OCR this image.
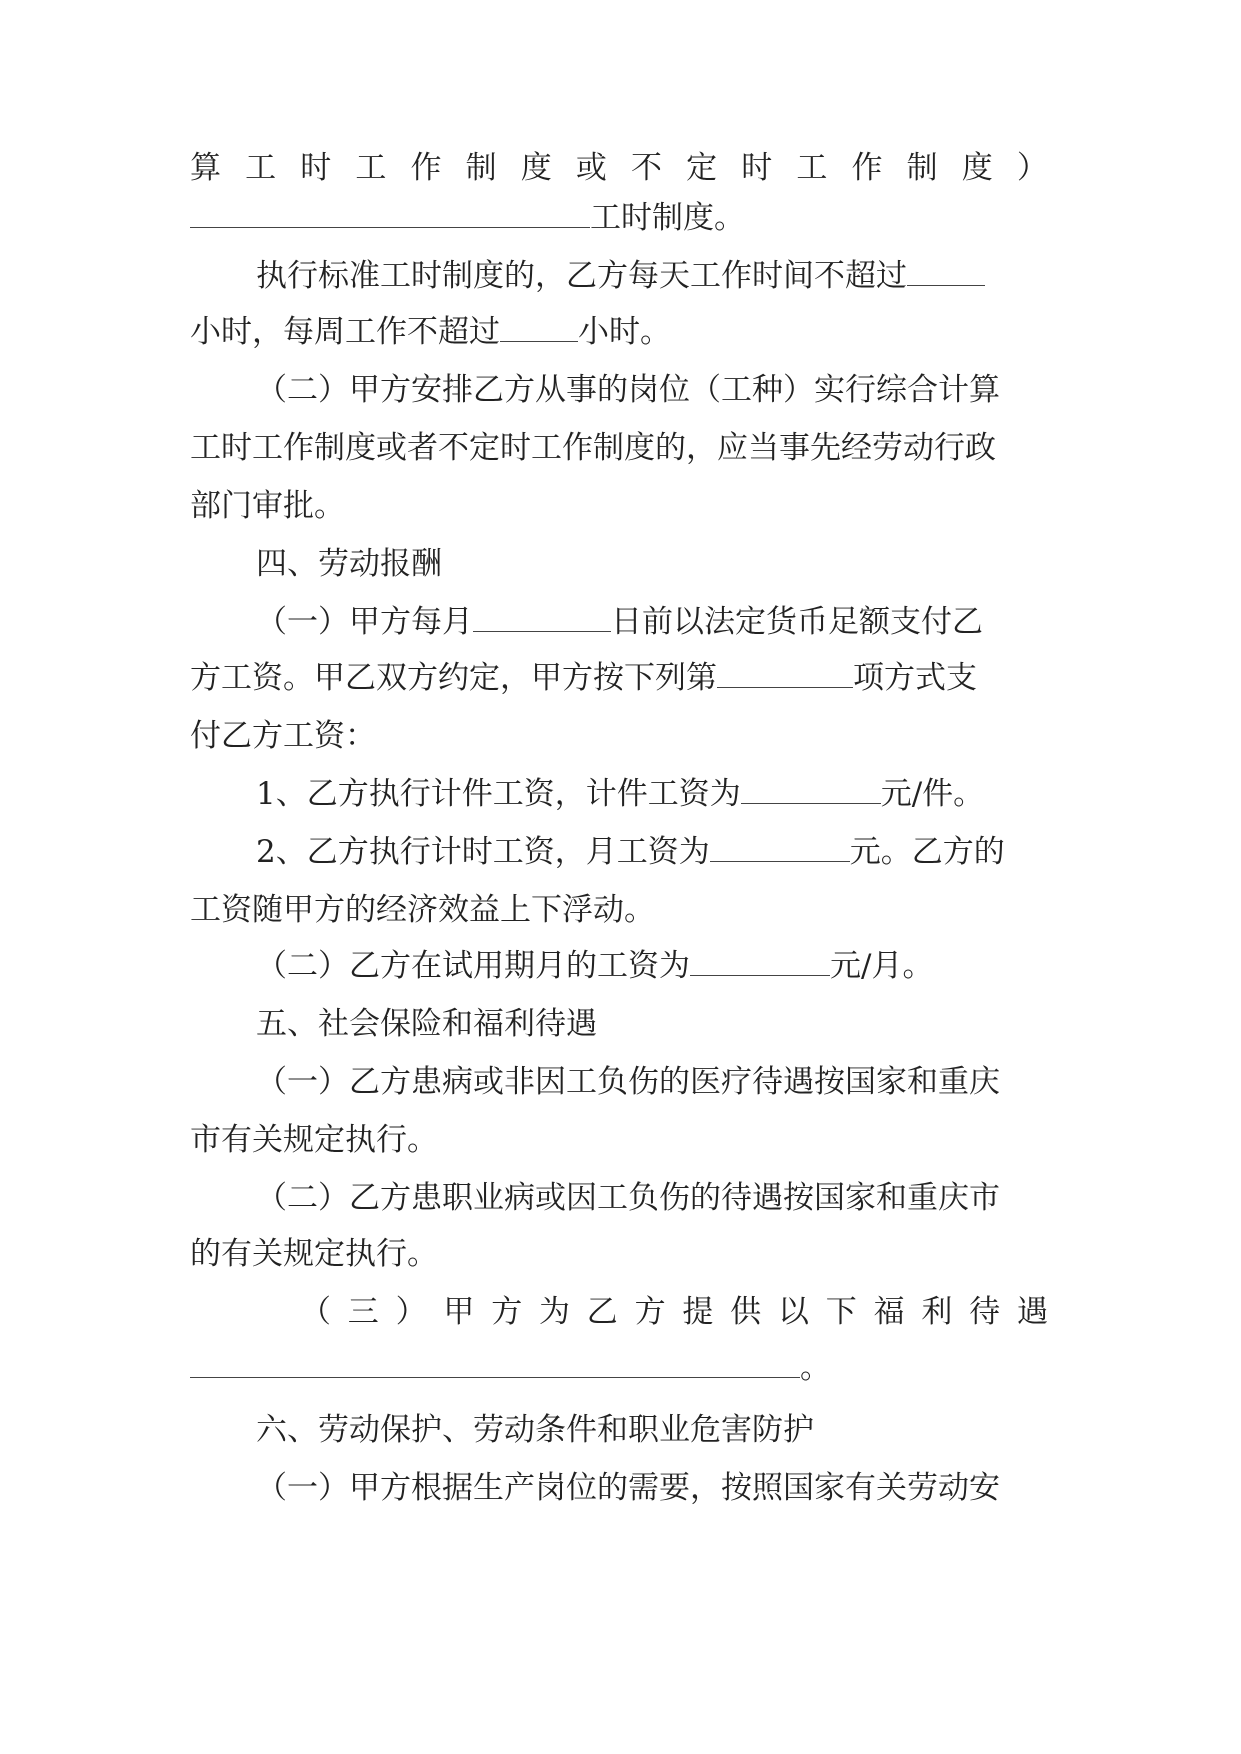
算 工 时 工 作 制 度 或 不 定 时 工 作 制 度 ）
工时制度。
执行标准工时制度的，乙方每天工作时间不超过
小时，每周工作不超过	小时。
（二）甲方安排乙方从事的岗位（工种）实行综合计算
工时工作制度或者不定时工作制度的，应当事先经劳动行政
部门审批。
四、劳动报酬
（一）甲方每月	日前以法定货币足额支付乙
方工资。甲乙双方约定，甲方按下列第	项方式支
付乙方工资：
1、乙方执行计件工资，计件工资为	元/件。
2、乙方执行计时工资，月工资为	元。乙方的
工资随甲方的经济效益上下浮动。
（二）乙方在试用期月的工资为	元/月。
五、社会保险和福利待遇
（一）乙方患病或非因工负伤的医疗待遇按国家和重庆
市有关规定执行。
（二）乙方患职业病或因工负伤的待遇按国家和重庆市
的有关规定执行。
（ 三 ） 甲 方 为 乙 方 提 供 以 下 福 利 待 遇
。
六、劳动保护、劳动条件和职业危害防护
（一）甲方根据生产岗位的需要，按照国家有关劳动安
